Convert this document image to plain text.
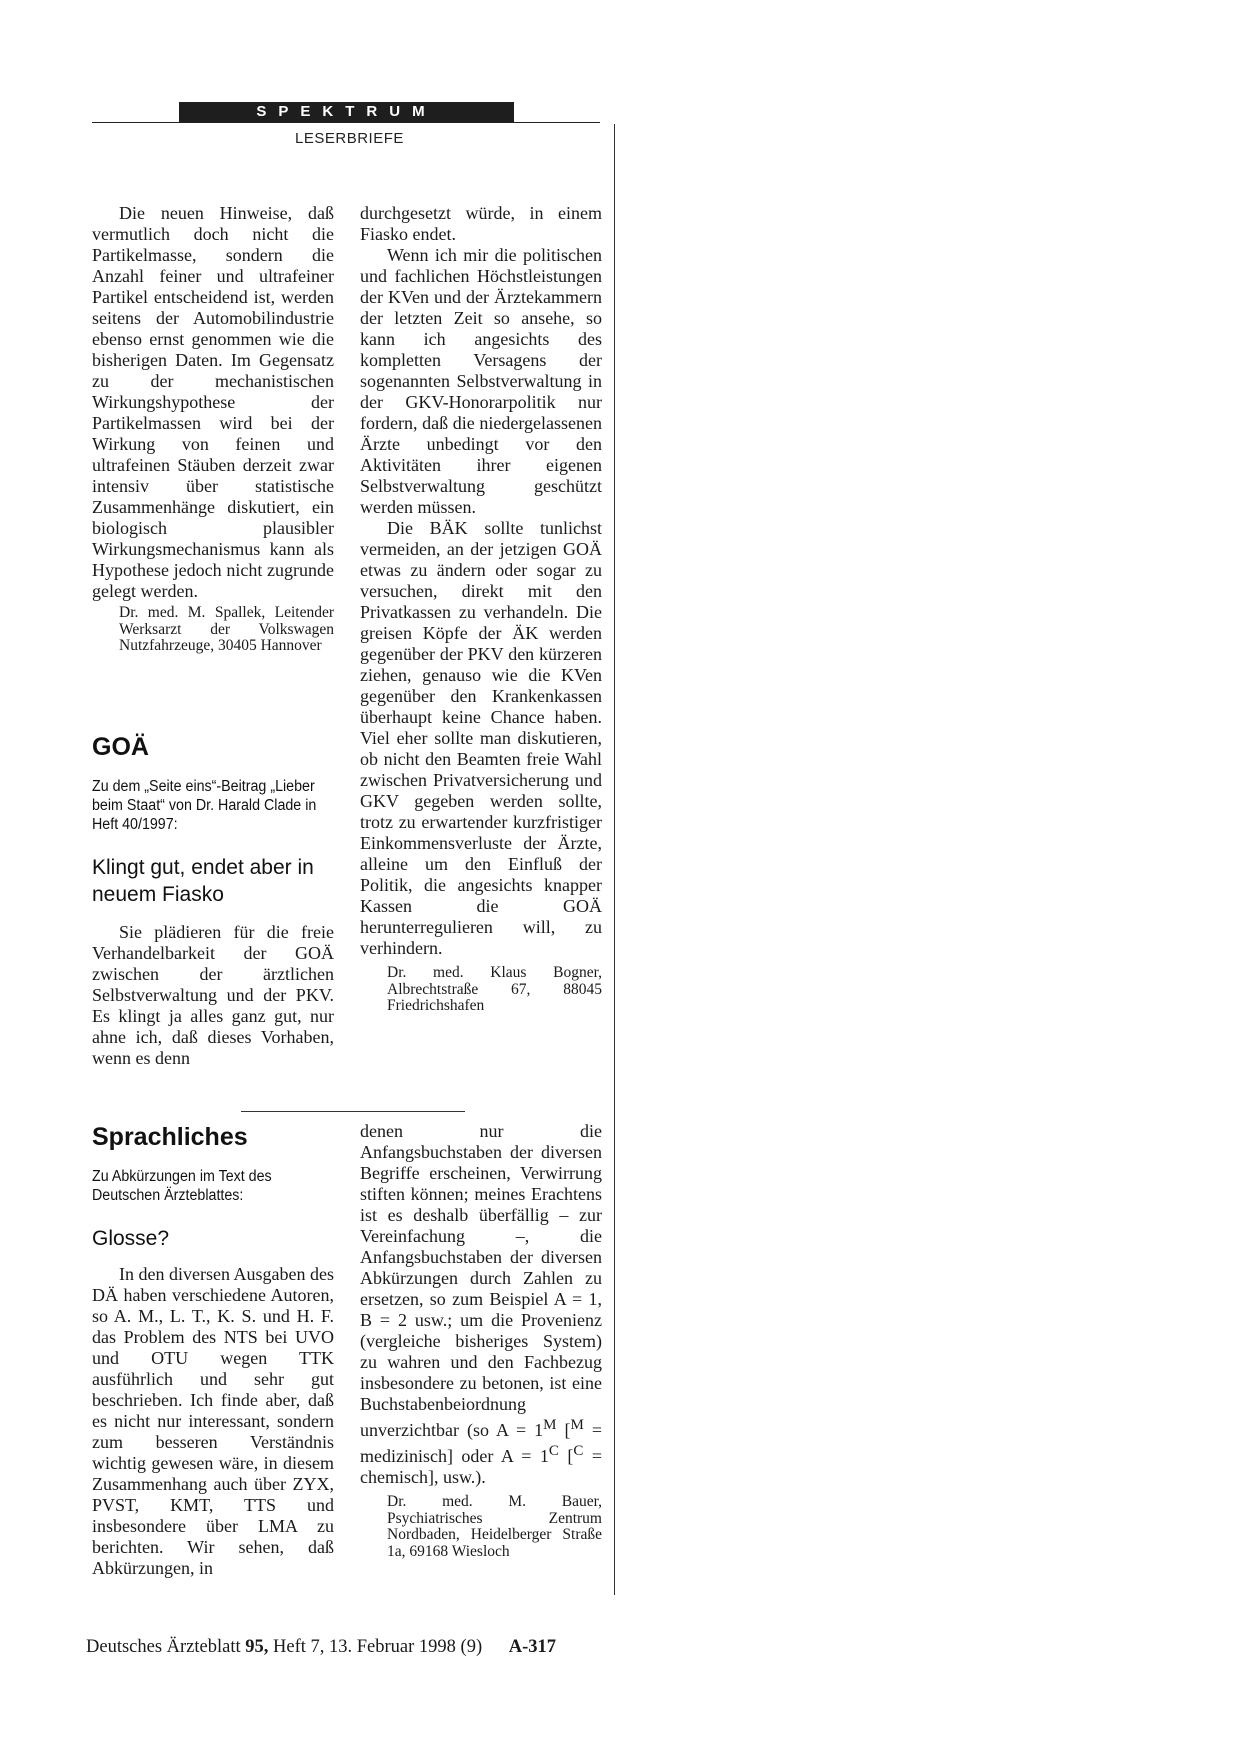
SPEKTRUM
LESERBRIEFE

Die neuen Hinweise, daß vermutlich doch nicht die Partikelmasse, sondern die Anzahl feiner und ultrafeiner Partikel entscheidend ist, werden seitens der Automobilindustrie ebenso ernst genommen wie die bisherigen Daten. Im Gegensatz zu der mechanistischen Wirkungshypothese der Partikelmassen wird bei der Wirkung von feinen und ultrafeinen Stäuben derzeit zwar intensiv über statistische Zusammenhänge diskutiert, ein biologisch plausibler Wirkungsmechanismus kann als Hypothese jedoch nicht zugrunde gelegt werden.

Dr. med. M. Spallek, Leitender Werksarzt der Volkswagen Nutzfahrzeuge, 30405 Hannover

GOÄ

Zu dem „Seite eins“-Beitrag „Lieber beim Staat“ von Dr. Harald Clade in Heft 40/1997:

Klingt gut, endet aber in neuem Fiasko

Sie plädieren für die freie Verhandelbarkeit der GOÄ zwischen der ärztlichen Selbstverwaltung und der PKV. Es klingt ja alles ganz gut, nur ahne ich, daß dieses Vorhaben, wenn es denn

durchgesetzt würde, in einem Fiasko endet.

Wenn ich mir die politischen und fachlichen Höchstleistungen der KVen und der Ärztekammern der letzten Zeit so ansehe, so kann ich angesichts des kompletten Versagens der sogenannten Selbstverwaltung in der GKV-Honorarpolitik nur fordern, daß die niedergelassenen Ärzte unbedingt vor den Aktivitäten ihrer eigenen Selbstverwaltung geschützt werden müssen.

Die BÄK sollte tunlichst vermeiden, an der jetzigen GOÄ etwas zu ändern oder sogar zu versuchen, direkt mit den Privatkassen zu verhandeln. Die greisen Köpfe der ÄK werden gegenüber der PKV den kürzeren ziehen, genauso wie die KVen gegenüber den Krankenkassen überhaupt keine Chance haben. Viel eher sollte man diskutieren, ob nicht den Beamten freie Wahl zwischen Privatversicherung und GKV gegeben werden sollte, trotz zu erwartender kurzfristiger Einkommensverluste der Ärzte, alleine um den Einfluß der Politik, die angesichts knapper Kassen die GOÄ herunterregulieren will, zu verhindern.

Dr. med. Klaus Bogner, Albrechtstraße 67, 88045 Friedrichshafen

Sprachliches

Zu Abkürzungen im Text des Deutschen Ärzteblattes:

Glosse?

In den diversen Ausgaben des DÄ haben verschiedene Autoren, so A. M., L. T., K. S. und H. F. das Problem des NTS bei UVO und OTU wegen TTK ausführlich und sehr gut beschrieben. Ich finde aber, daß es nicht nur interessant, sondern zum besseren Verständnis wichtig gewesen wäre, in diesem Zusammenhang auch über ZYX, PVST, KMT, TTS und insbesondere über LMA zu berichten. Wir sehen, daß Abkürzungen, in

denen nur die Anfangsbuchstaben der diversen Begriffe erscheinen, Verwirrung stiften können; meines Erachtens ist es deshalb überfällig – zur Vereinfachung –, die Anfangsbuchstaben der diversen Abkürzungen durch Zahlen zu ersetzen, so zum Beispiel A = 1, B = 2 usw.; um die Provenienz (vergleiche bisheriges System) zu wahren und den Fachbezug insbesondere zu betonen, ist eine Buchstabenbeiordnung unverzichtbar (so $A = 1^M$ [$^M$ = medizinisch] oder $A = 1^C$ [$^C$ = chemisch], usw.).

Dr. med. M. Bauer, Psychiatrisches Zentrum Nordbaden, Heidelberger Straße 1a, 69168 Wiesloch

Deutsches Ärzteblatt 95, Heft 7, 13. Februar 1998 (9) A-317
